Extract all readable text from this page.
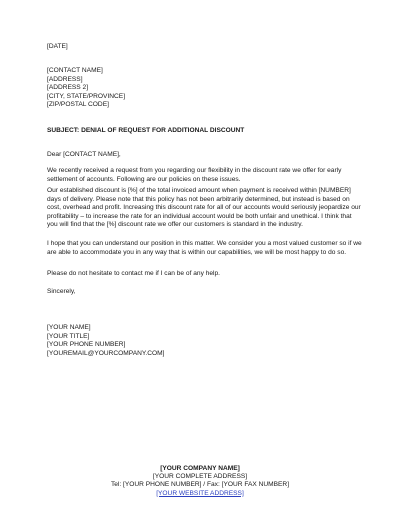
[DATE]
[CONTACT NAME]
[ADDRESS]
[ADDRESS 2]
[CITY, STATE/PROVINCE]
[ZIP/POSTAL CODE]
SUBJECT: DENIAL OF REQUEST FOR ADDITIONAL DISCOUNT
Dear [CONTACT NAME],

We recently received a request from you regarding our flexibility in the discount rate we offer for early settlement of accounts. Following are our policies on these issues.

Our established discount is [%] of the total invoiced amount when payment is received within [NUMBER] days of delivery. Please note that this policy has not been arbitrarily determined, but instead is based on cost, overhead and profit. Increasing this discount rate for all of our accounts would seriously jeopardize our profitability – to increase the rate for an individual account would be both unfair and unethical. I think that you will find that the [%] discount rate we offer our customers is standard in the industry.

I hope that you can understand our position in this matter. We consider you a most valued customer so if we are able to accommodate you in any way that is within our capabilities, we will be most happy to do so.

Please do not hesitate to contact me if I can be of any help.

Sincerely,
[YOUR NAME]
[YOUR TITLE]
[YOUR PHONE NUMBER]
[YOUREMAIL@YOURCOMPANY.COM]
[YOUR COMPANY NAME]
[YOUR COMPLETE ADDRESS]
Tel: [YOUR PHONE NUMBER] / Fax: [YOUR FAX NUMBER]
[YOUR WEBSITE ADDRESS]
